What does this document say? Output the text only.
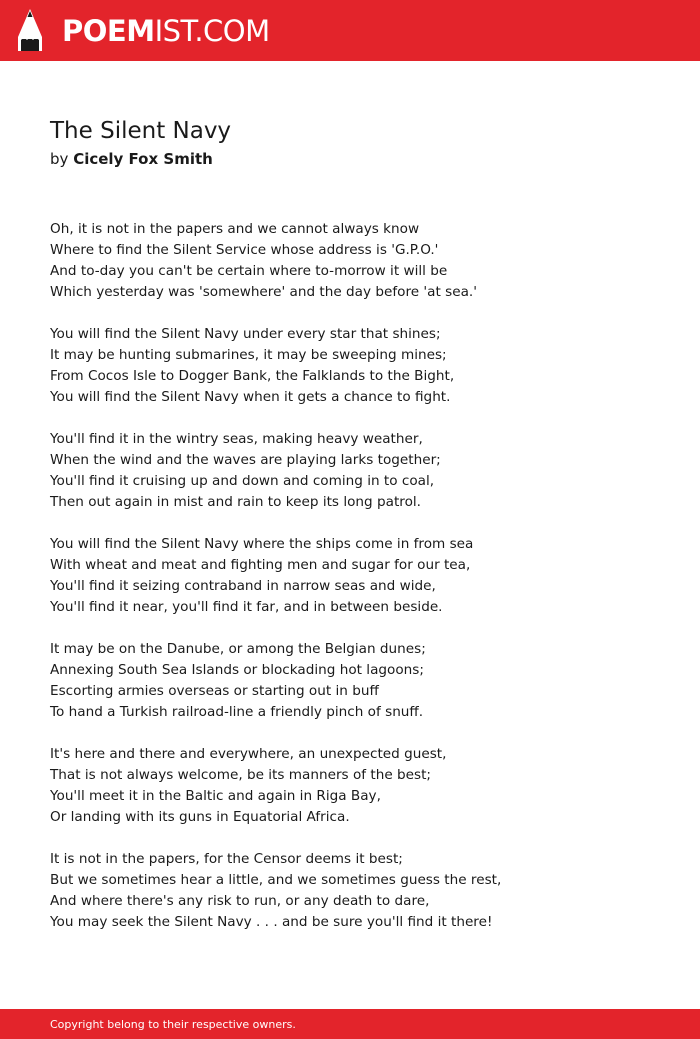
POEMIST.COM
The Silent Navy
by Cicely Fox Smith
Oh, it is not in the papers and we cannot always know
Where to find the Silent Service whose address is 'G.P.O.'
And to-day you can't be certain where to-morrow it will be
Which yesterday was 'somewhere' and the day before 'at sea.'
You will find the Silent Navy under every star that shines;
It may be hunting submarines, it may be sweeping mines;
From Cocos Isle to Dogger Bank, the Falklands to the Bight,
You will find the Silent Navy when it gets a chance to fight.
You'll find it in the wintry seas, making heavy weather,
When the wind and the waves are playing larks together;
You'll find it cruising up and down and coming in to coal,
Then out again in mist and rain to keep its long patrol.
You will find the Silent Navy where the ships come in from sea
With wheat and meat and fighting men and sugar for our tea,
You'll find it seizing contraband in narrow seas and wide,
You'll find it near, you'll find it far, and in between beside.
It may be on the Danube, or among the Belgian dunes;
Annexing South Sea Islands or blockading hot lagoons;
Escorting armies overseas or starting out in buff
To hand a Turkish railroad-line a friendly pinch of snuff.
It's here and there and everywhere, an unexpected guest,
That is not always welcome, be its manners of the best;
You'll meet it in the Baltic and again in Riga Bay,
Or landing with its guns in Equatorial Africa.
It is not in the papers, for the Censor deems it best;
But we sometimes hear a little, and we sometimes guess the rest,
And where there's any risk to run, or any death to dare,
You may seek the Silent Navy . . . and be sure you'll find it there!
Copyright belong to their respective owners.
